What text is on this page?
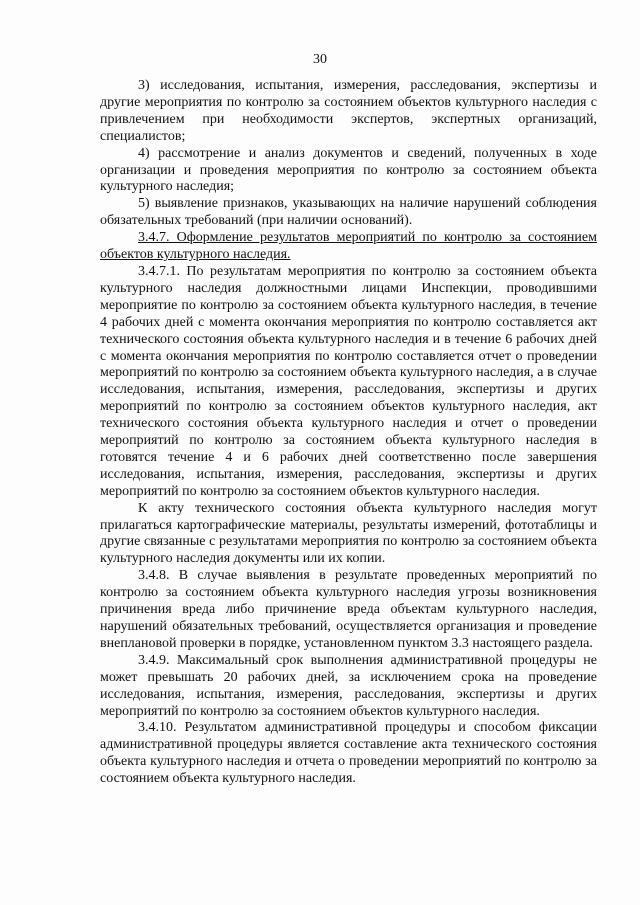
30

3) исследования, испытания, измерения, расследования, экспертизы и другие мероприятия по контролю за состоянием объектов культурного наследия с привлечением при необходимости экспертов, экспертных организаций, специалистов;

4) рассмотрение и анализ документов и сведений, полученных в ходе организации и проведения мероприятия по контролю за состоянием объекта культурного наследия;

5) выявление признаков, указывающих на наличие нарушений соблюдения обязательных требований (при наличии оснований).

3.4.7. Оформление результатов мероприятий по контролю за состоянием объектов культурного наследия.

3.4.7.1. По результатам мероприятия по контролю за состоянием объекта культурного наследия должностными лицами Инспекции, проводившими мероприятие по контролю за состоянием объекта культурного наследия, в течение 4 рабочих дней с момента окончания мероприятия по контролю составляется акт технического состояния объекта культурного наследия и в течение 6 рабочих дней с момента окончания мероприятия по контролю составляется отчет о проведении мероприятий по контролю за состоянием объекта культурного наследия, а в случае исследования, испытания, измерения, расследования, экспертизы и других мероприятий по контролю за состоянием объектов культурного наследия, акт технического состояния объекта культурного наследия и отчет о проведении мероприятий по контролю за состоянием объекта культурного наследия в готовятся течение 4 и 6 рабочих дней соответственно после завершения исследования, испытания, измерения, расследования, экспертизы и других мероприятий по контролю за состоянием объектов культурного наследия.

К акту технического состояния объекта культурного наследия могут прилагаться картографические материалы, результаты измерений, фототаблицы и другие связанные с результатами мероприятия по контролю за состоянием объекта культурного наследия документы или их копии.

3.4.8. В случае выявления в результате проведенных мероприятий по контролю за состоянием объекта культурного наследия угрозы возникновения причинения вреда либо причинение вреда объектам культурного наследия, нарушений обязательных требований, осуществляется организация и проведение внеплановой проверки в порядке, установленном пунктом 3.3 настоящего раздела.

3.4.9. Максимальный срок выполнения административной процедуры не может превышать 20 рабочих дней, за исключением срока на проведение исследования, испытания, измерения, расследования, экспертизы и других мероприятий по контролю за состоянием объектов культурного наследия.

3.4.10. Результатом административной процедуры и способом фиксации административной процедуры является составление акта технического состояния объекта культурного наследия и отчета о проведении мероприятий по контролю за состоянием объекта культурного наследия.
